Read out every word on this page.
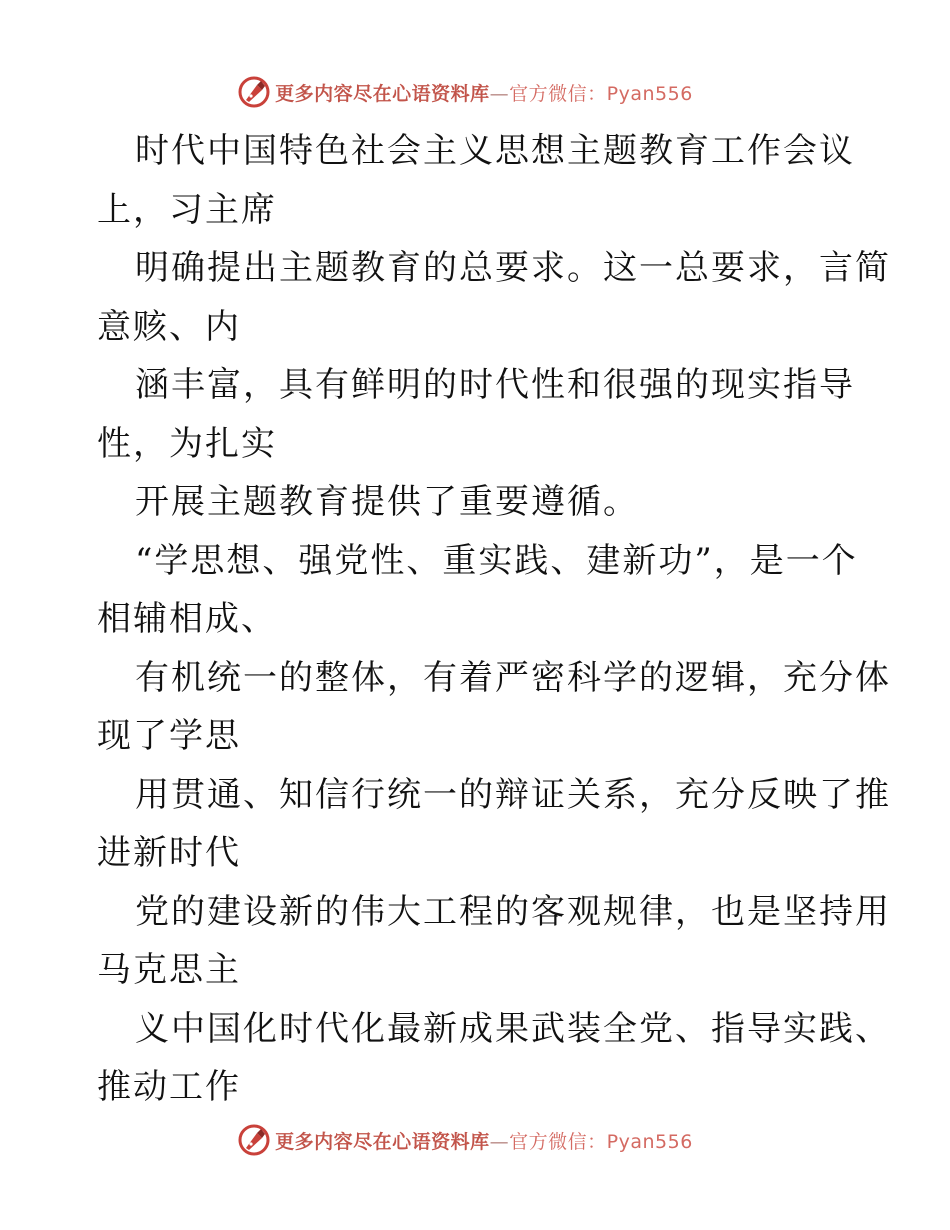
更多内容尽在心语资料库—官方微信：Pyan556
时代中国特色社会主义思想主题教育工作会议
上，习主席
明确提出主题教育的总要求。这一总要求，言简
意赅、内
涵丰富，具有鲜明的时代性和很强的现实指导
性，为扎实
开展主题教育提供了重要遵循。
“学思想、强党性、重实践、建新功”，是一个
相辅相成、
有机统一的整体，有着严密科学的逻辑，充分体
现了学思
用贯通、知信行统一的辩证关系，充分反映了推
进新时代
党的建设新的伟大工程的客观规律，也是坚持用
马克思主
义中国化时代化最新成果武装全党、指导实践、
推动工作
更多内容尽在心语资料库—官方微信：Pyan556
